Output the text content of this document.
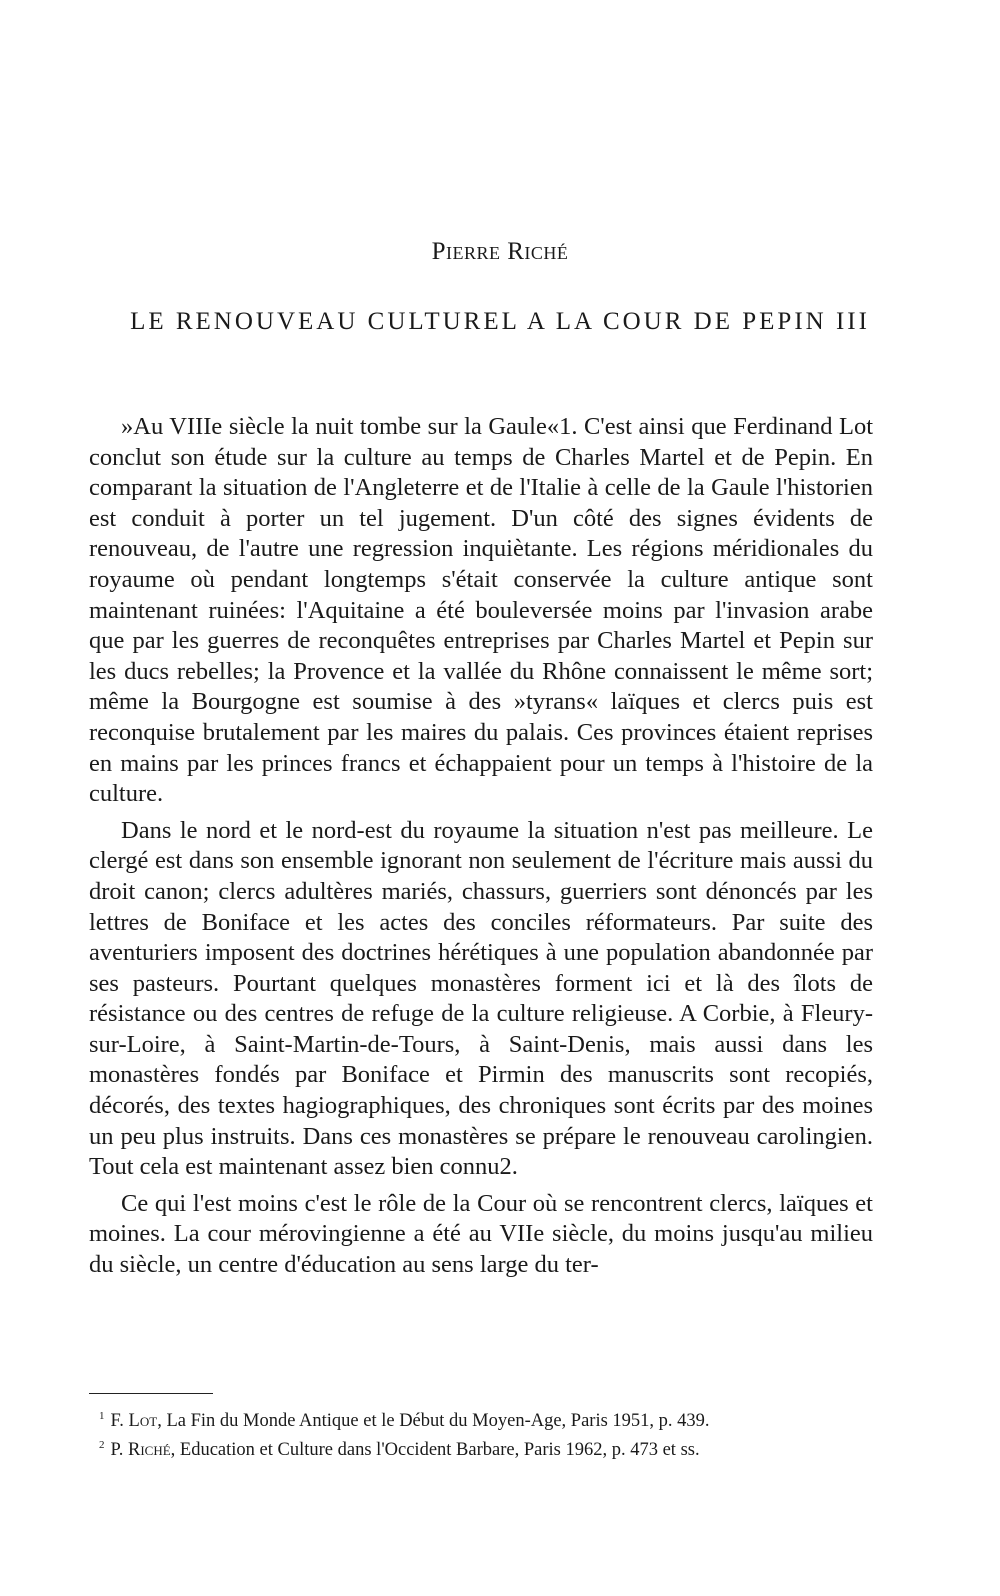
Pierre Riché
LE RENOUVEAU CULTUREL A LA COUR DE PEPIN III

»Au VIIIe siècle la nuit tombe sur la Gaule«1. C'est ainsi que Ferdinand Lot conclut son étude sur la culture au temps de Charles Martel et de Pepin. En comparant la situation de l'Angleterre et de l'Italie à celle de la Gaule l'historien est conduit à porter un tel jugement. D'un côté des signes évidents de renouveau, de l'autre une regression inquiètante. Les régions méridionales du royaume où pendant longtemps s'était conservée la culture antique sont maintenant ruinées: l'Aquitaine a été bouleversée moins par l'invasion arabe que par les guerres de reconquêtes entreprises par Charles Martel et Pepin sur les ducs rebelles; la Provence et la vallée du Rhône connaissent le même sort; même la Bourgogne est soumise à des »tyrans« laïques et clercs puis est reconquise brutalement par les maires du palais. Ces provinces étaient reprises en mains par les princes francs et échappaient pour un temps à l'histoire de la culture.

Dans le nord et le nord-est du royaume la situation n'est pas meilleure. Le clergé est dans son ensemble ignorant non seulement de l'écriture mais aussi du droit canon; clercs adultères mariés, chassurs, guerriers sont dénoncés par les lettres de Boniface et les actes des conciles réformateurs. Par suite des aventuriers imposent des doctrines hérétiques à une population abandonnée par ses pasteurs. Pourtant quelques monastères forment ici et là des îlots de résistance ou des centres de refuge de la culture religieuse. A Corbie, à Fleury-sur-Loire, à Saint-Martin-de-Tours, à Saint-Denis, mais aussi dans les monastères fondés par Boniface et Pirmin des manuscrits sont recopiés, décorés, des textes hagiographiques, des chroniques sont écrits par des moines un peu plus instruits. Dans ces monastères se prépare le renouveau carolingien. Tout cela est maintenant assez bien connu2.

Ce qui l'est moins c'est le rôle de la Cour où se rencontrent clercs, laïques et moines. La cour mérovingienne a été au VIIe siècle, du moins jusqu'au milieu du siècle, un centre d'éducation au sens large du ter-

$^1$ F. Lot, La Fin du Monde Antique et le Début du Moyen-Age, Paris 1951, p. 439.

$^2$ P. Riché, Education et Culture dans l'Occident Barbare, Paris 1962, p. 473 et ss.
